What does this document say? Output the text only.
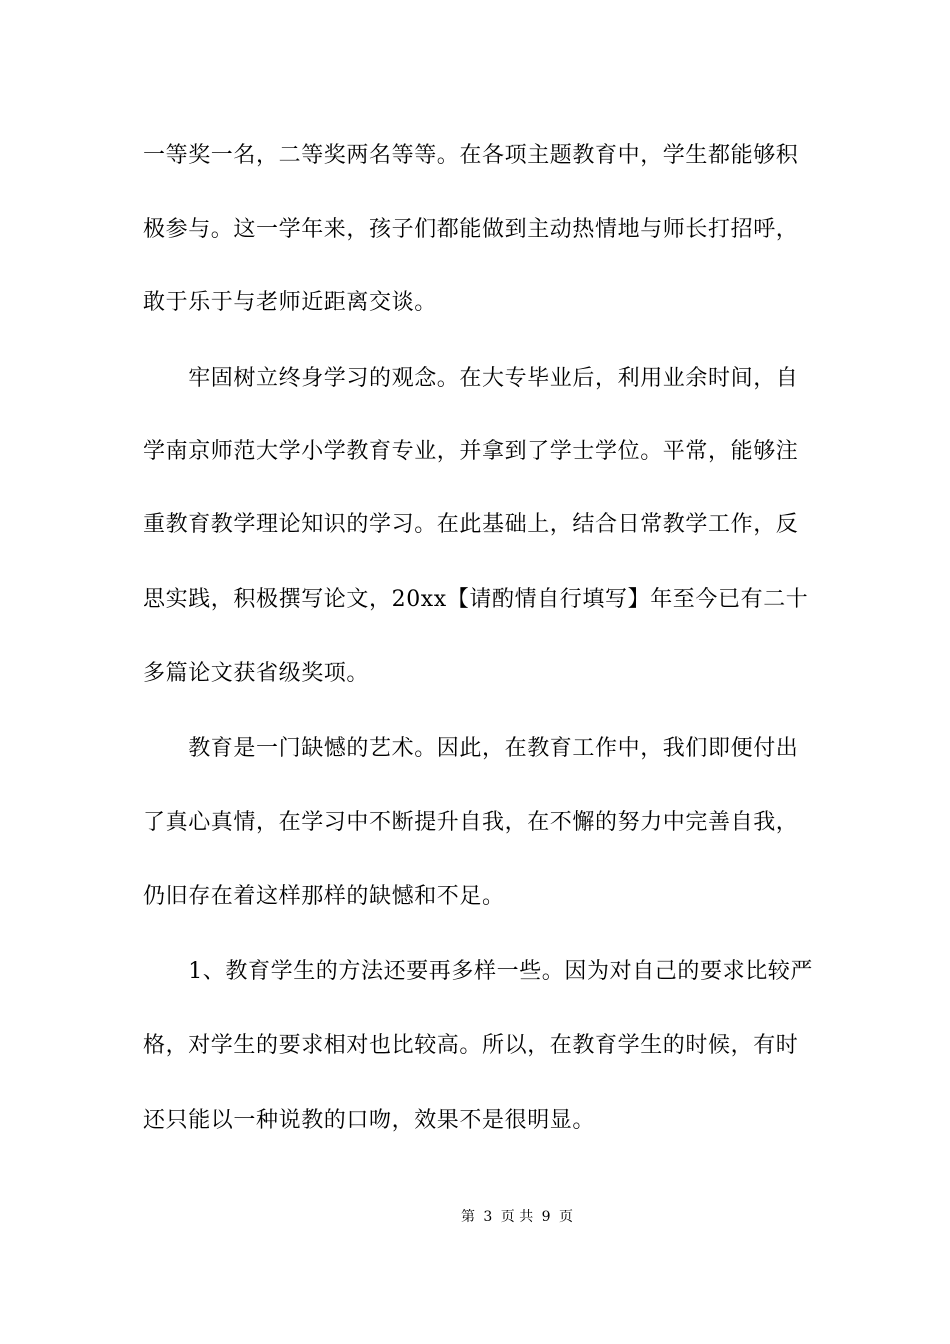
一等奖一名，二等奖两名等等。在各项主题教育中，学生都能够积
极参与。这一学年来，孩子们都能做到主动热情地与师长打招呼，
敢于乐于与老师近距离交谈。
　　牢固树立终身学习的观念。在大专毕业后，利用业余时间，自
学南京师范大学小学教育专业，并拿到了学士学位。平常，能够注
重教育教学理论知识的学习。在此基础上，结合日常教学工作，反
思实践，积极撰写论文，20xx【请酌情自行填写】年至今已有二十
多篇论文获省级奖项。
　　教育是一门缺憾的艺术。因此，在教育工作中，我们即便付出
了真心真情，在学习中不断提升自我，在不懈的努力中完善自我，
仍旧存在着这样那样的缺憾和不足。
　　1、教育学生的方法还要再多样一些。因为对自己的要求比较严
格，对学生的要求相对也比较高。所以，在教育学生的时候，有时
还只能以一种说教的口吻，效果不是很明显。
第 3 页 共 9 页
